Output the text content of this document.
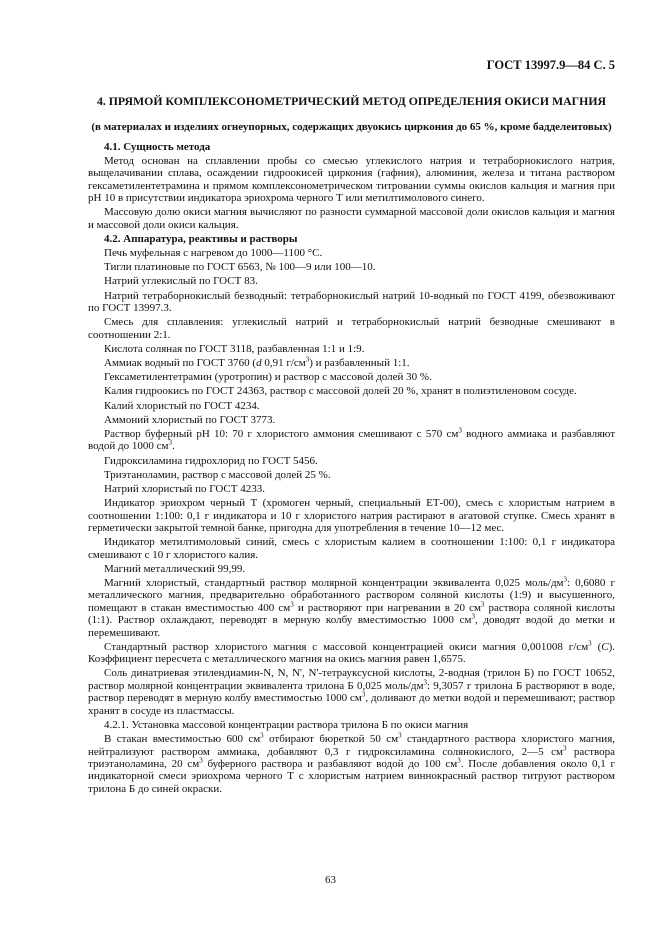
ГОСТ 13997.9—84 С. 5
4. ПРЯМОЙ КОМПЛЕКСОНОМЕТРИЧЕСКИЙ МЕТОД ОПРЕДЕЛЕНИЯ ОКИСИ МАГНИЯ
(в материалах и изделиях огнеупорных, содержащих двуокись циркония до 65 %, кроме бадделеитовых)

4.1. Сущность метода

Метод основан на сплавлении пробы со смесью углекислого натрия и тетраборнокислого натрия, выщелачивании сплава, осаждении гидроокисей циркония (гафния), алюминия, железа и титана раствором гексаметилентетрамина и прямом комплексонометрическом титровании суммы окислов кальция и магния при pH 10 в присутствии индикатора эриохрома черного Т или метилтимолового синего.

Массовую долю окиси магния вычисляют по разности суммарной массовой доли окислов кальция и магния и массовой доли окиси кальция.

4.2. Аппаратура, реактивы и растворы

Печь муфельная с нагревом до 1000—1100 °С.

Тигли платиновые по ГОСТ 6563, № 100—9 или 100—10.

Натрий углекислый по ГОСТ 83.

Натрий тетраборнокислый безводный: тетраборнокислый натрий 10-водный по ГОСТ 4199, обезвоживают по ГОСТ 13997.3.

Смесь для сплавления: углекислый натрий и тетраборнокислый натрий безводные смешивают в соотношении 2:1.

Кислота соляная по ГОСТ 3118, разбавленная 1:1 и 1:9.

Аммиак водный по ГОСТ 3760 (d 0,91 $г/см^3$) и разбавленный 1:1.

Гексаметилентетрамин (уротропин) и раствор с массовой долей 30 %.

Калия гидроокись по ГОСТ 24363, раствор с массовой долей 20 %, хранят в полиэтиленовом сосуде.

Калий хлористый по ГОСТ 4234.

Аммоний хлористый по ГОСТ 3773.

Раствор буферный pH 10: 70 г хлористого аммония смешивают с 570 $см^3$ водного аммиака и разбавляют водой до 1000 $см^3$.

Гидроксиламина гидрохлорид по ГОСТ 5456.

Триэтаноламин, раствор с массовой долей 25 %.

Натрий хлористый по ГОСТ 4233.

Индикатор эриохром черный Т (хромоген черный, специальный ЕТ-00), смесь с хлористым натрием в соотношении 1:100: 0,1 г индикатора и 10 г хлористого натрия растирают в агатовой ступке. Смесь хранят в герметически закрытой темной банке, пригодна для употребления в течение 10—12 мес.

Индикатор метилтимоловый синий, смесь с хлористым калием в соотношении 1:100: 0,1 г индикатора смешивают с 10 г хлористого калия.

Магний металлический 99,99.

Магний хлористый, стандартный раствор молярной концентрации эквивалента 0,025 моль/$дм^3$: 0,6080 г металлического магния, предварительно обработанного раствором соляной кислоты (1:9) и высушенного, помещают в стакан вместимостью 400 $см^3$ и растворяют при нагревании в 20 $см^3$ раствора соляной кислоты (1:1). Раствор охлаждают, переводят в мерную колбу вместимостью 1000 $см^3$, доводят водой до метки и перемешивают.

Стандартный раствор хлористого магния с массовой концентрацией окиси магния 0,001008 $г/см^3$ (С). Коэффициент пересчета с металлического магния на окись магния равен 1,6575.

Соль динатриевая этилендиамин-N, N, N', N'-тетрауксусной кислоты, 2-водная (трилон Б) по ГОСТ 10652, раствор молярной концентрации эквивалента трилона Б 0,025 моль/$дм^3$: 9,3057 г трилона Б растворяют в воде, раствор переводят в мерную колбу вместимостью 1000 $см^3$, доливают до метки водой и перемешивают; раствор хранят в сосуде из пластмассы.

4.2.1. Установка массовой концентрации раствора трилона Б по окиси магния

В стакан вместимостью 600 $см^3$ отбирают бюреткой 50 $см^3$ стандартного раствора хлористого магния, нейтрализуют раствором аммиака, добавляют 0,3 г гидроксиламина солянокислого, 2—5 $см^3$ раствора триэтаноламина, 20 $см^3$ буферного раствора и разбавляют водой до 100 $см^3$. После добавления около 0,1 г индикаторной смеси эриохрома черного Т с хлористым натрием виннокрасный раствор титруют раствором трилона Б до синей окраски.

63
